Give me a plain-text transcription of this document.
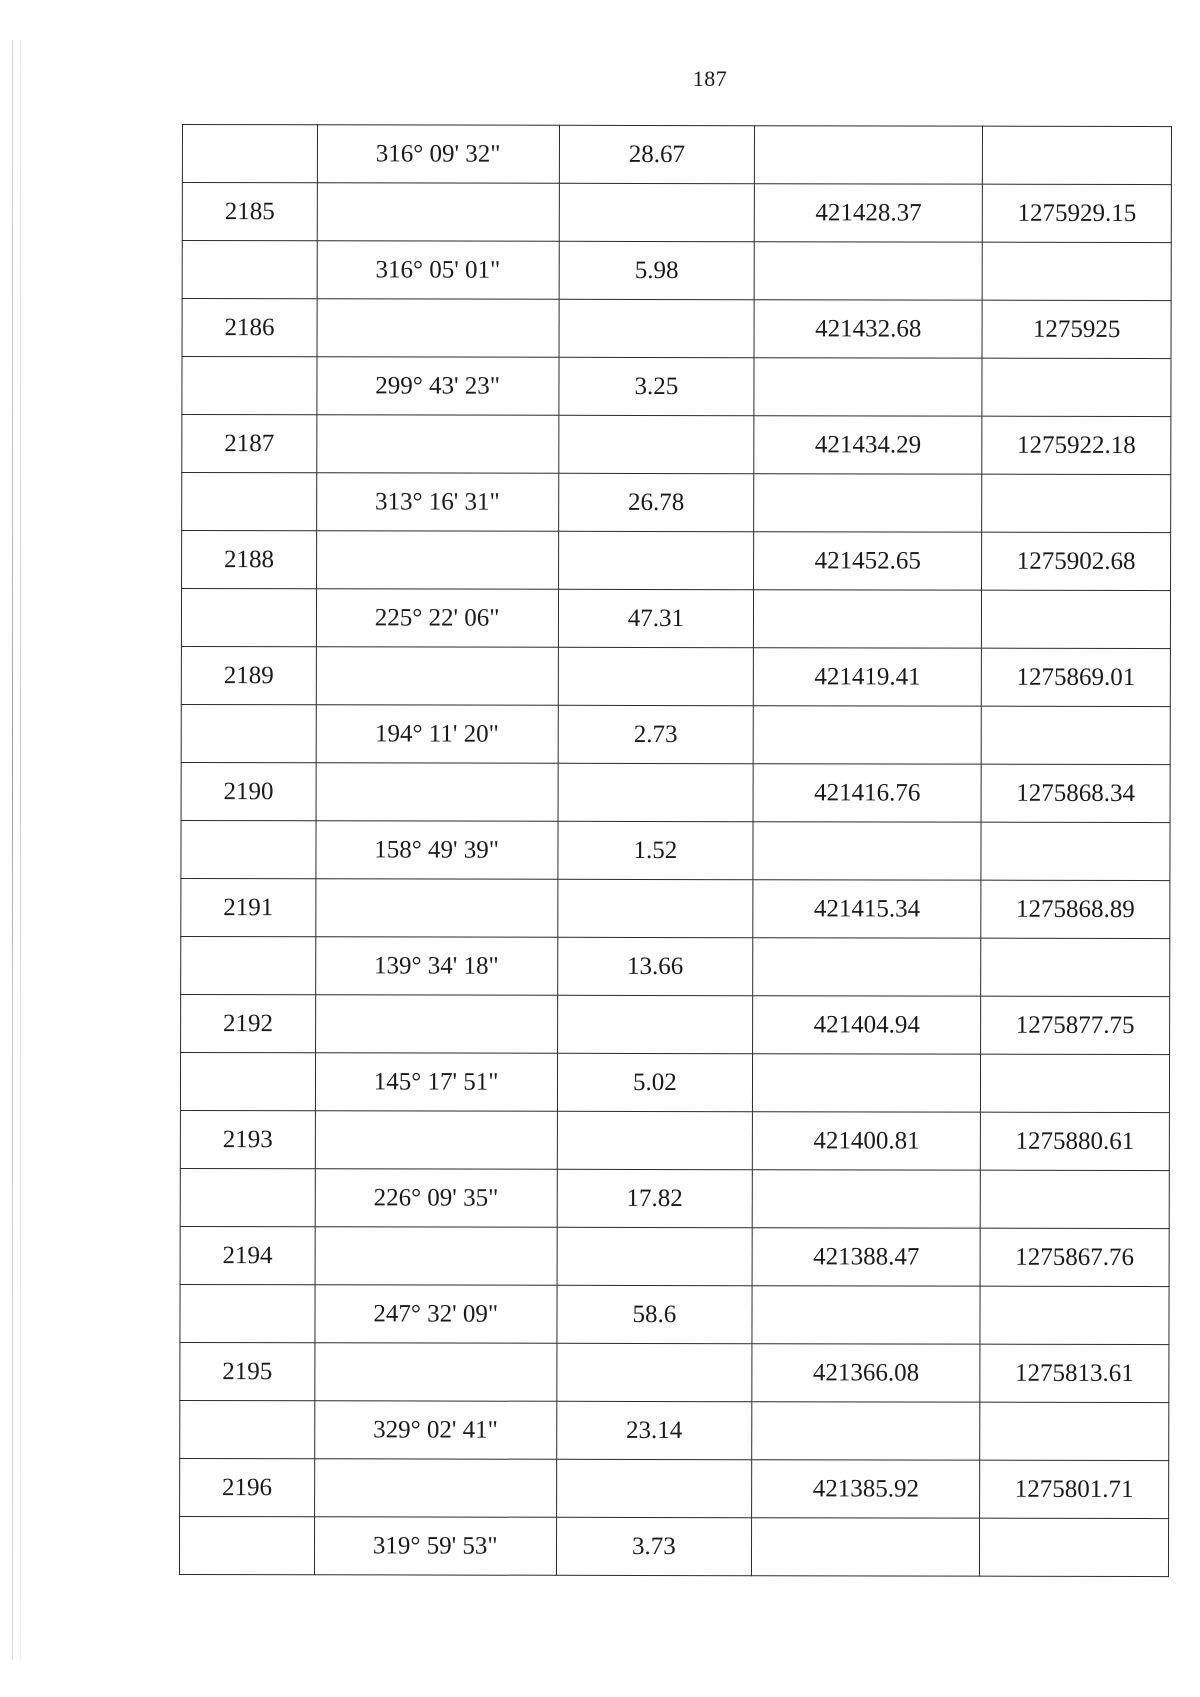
187
	316° 09' 32"	28.67		
2185			421428.37	1275929.15
	316° 05' 01"	5.98		
2186			421432.68	1275925
	299° 43' 23"	3.25		
2187			421434.29	1275922.18
	313° 16' 31"	26.78		
2188			421452.65	1275902.68
	225° 22' 06"	47.31		
2189			421419.41	1275869.01
	194° 11' 20"	2.73		
2190			421416.76	1275868.34
	158° 49' 39"	1.52		
2191			421415.34	1275868.89
	139° 34' 18"	13.66		
2192			421404.94	1275877.75
	145° 17' 51"	5.02		
2193			421400.81	1275880.61
	226° 09' 35"	17.82		
2194			421388.47	1275867.76
	247° 32' 09"	58.6		
2195			421366.08	1275813.61
	329° 02' 41"	23.14		
2196			421385.92	1275801.71
	319° 59' 53"	3.73		
